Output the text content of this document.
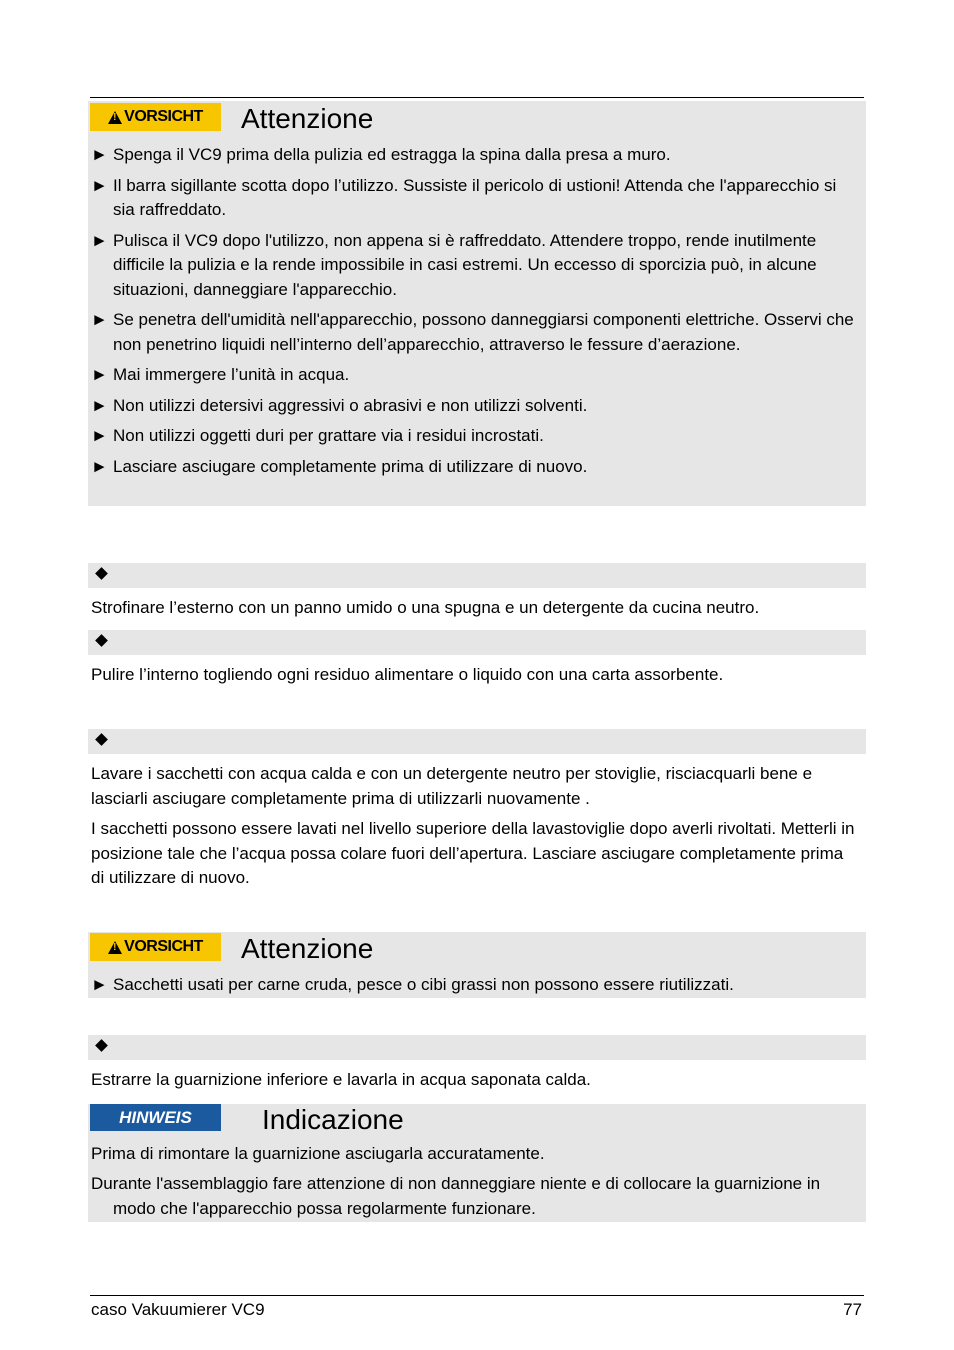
!
VORSICHT Attenzione
► Spenga il VC9 prima della pulizia ed estragga la spina dalla presa a muro.
► Il barra sigillante scotta dopo l’utilizzo. Sussiste il pericolo di ustioni! Attenda che l'apparecchio si sia raffreddato.
► Pulisca il VC9 dopo l'utilizzo, non appena si è raffreddato. Attendere troppo, rende inutilmente difficile la pulizia e la rende impossibile in casi estremi. Un eccesso di sporcizia può, in alcune situazioni, danneggiare l'apparecchio.
► Se penetra dell'umidità nell'apparecchio, possono danneggiarsi componenti elettriche. Osservi che non penetrino liquidi nell’interno dell’apparecchio, attraverso le fessure d’aerazione.
► Mai immergere l’unità in acqua.
► Non utilizzi detersivi aggressivi o abrasivi e non utilizzi solventi.
► Non utilizzi oggetti duri per grattare via i residui incrostati.
► Lasciare asciugare completamente prima di utilizzare di nuovo.

Strofinare l’esterno con un panno umido o una spugna e un detergente da cucina neutro.

Pulire l’interno togliendo ogni residuo alimentare o liquido con una carta assorbente.

Lavare i sacchetti con acqua calda e con un detergente neutro per stoviglie, risciacquarli bene e lasciarli asciugare completamente prima di utilizzarli nuovamente .

I sacchetti possono essere lavati nel livello superiore della lavastoviglie dopo averli rivoltati. Metterli in posizione tale che l’acqua possa colare fuori dell’apertura. Lasciare asciugare completamente prima di utilizzare di nuovo.

!
VORSICHT Attenzione
► Sacchetti usati per carne cruda, pesce o cibi grassi non possono essere riutilizzati.

Estrarre la guarnizione inferiore e lavarla in acqua saponata calda.

HINWEIS	Indicazione

Prima di rimontare la guarnizione asciugarla accuratamente.

Durante l'assemblaggio fare attenzione di non danneggiare niente e di collocare la guarnizione in modo che l'apparecchio possa regolarmente funzionare.

caso Vakuumierer VC9	77
